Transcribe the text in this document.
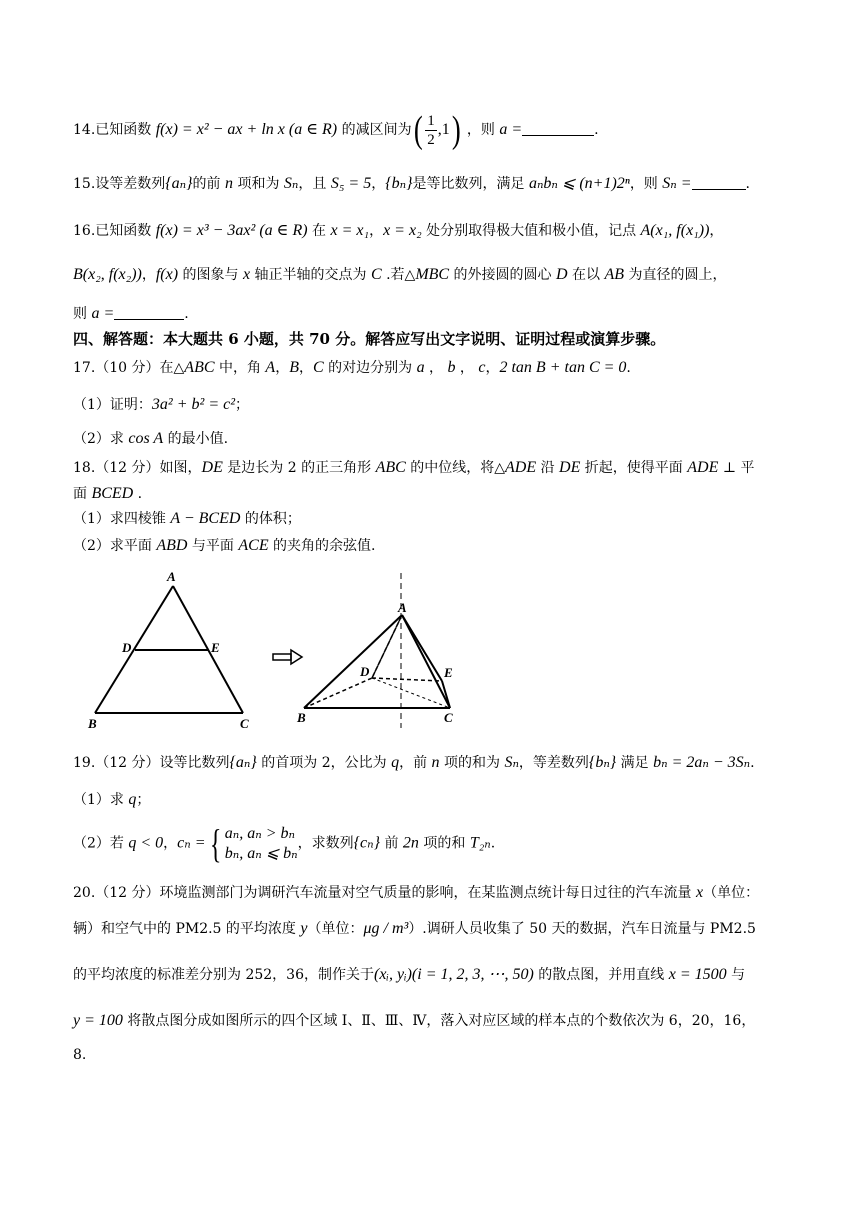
14.已知函数 f(x) = x² − ax + ln x (a ∈ R) 的减区间为( $\frac{1}{2} ,1$) ，则 a =	.
15.设等差数列{aₙ}的前 n 项和为 Sₙ，且 S₅ = 5，{bₙ}是等比数列，满足 aₙbₙ ⩽ (n+1)2ⁿ，则 Sₙ =	.
16.已知函数 f(x) = x³ − 3ax² (a ∈ R) 在 x = x₁，x = x₂ 处分别取得极大值和极小值，记点 A(x₁, f(x₁))，
B(x₂, f(x₂))，f(x) 的图象与 x 轴正半轴的交点为 C .若△MBC 的外接圆的圆心 D 在以 AB 为直径的圆上，
则 a =	.
四、解答题：本大题共 6 小题，共 70 分。解答应写出文字说明、证明过程或演算步骤。
17.（10 分）在△ABC 中，角 A，B，C 的对边分别为 a ， b ， c，2 tan B + tan C = 0.
（1）证明：3a² + b² = c²；
（2）求 cos A 的最小值.
18.（12 分）如图，DE 是边长为 2 的正三角形 ABC 的中位线，将△ADE 沿 DE 折起，使得平面 ADE ⊥ 平
面 BCED .
（1）求四棱锥 A − BCED 的体积；
（2）求平面 ABD 与平面 ACE 的夹角的余弦值.
A
D	E
B	C
A
D	E
B	C
19.（12 分）设等比数列{aₙ} 的首项为 2，公比为 q，前 n 项的和为 Sₙ，等差数列{bₙ} 满足 bₙ = 2aₙ − 3Sₙ.
（1）求 q；
（2）若 q < 0，cₙ ={ aₙ, aₙ > bₙ
bₙ, aₙ ⩽ bₙ
，求数列{cₙ} 前 2n 项的和 T₂ₙ.
20.（12 分）环境监测部门为调研汽车流量对空气质量的影响，在某监测点统计每日过往的汽车流量 x（单位：
辆）和空气中的 PM2.5 的平均浓度 y（单位：μg / m³）.调研人员收集了 50 天的数据，汽车日流量与 PM2.5
的平均浓度的标准差分别为 252，36，制作关于(xᵢ, yᵢ)(i = 1, 2, 3, ⋯, 50) 的散点图，并用直线 x = 1500 与
y = 100 将散点图分成如图所示的四个区域 Ⅰ、Ⅱ、Ⅲ、Ⅳ，落入对应区域的样本点的个数依次为 6，20，16，
8.
